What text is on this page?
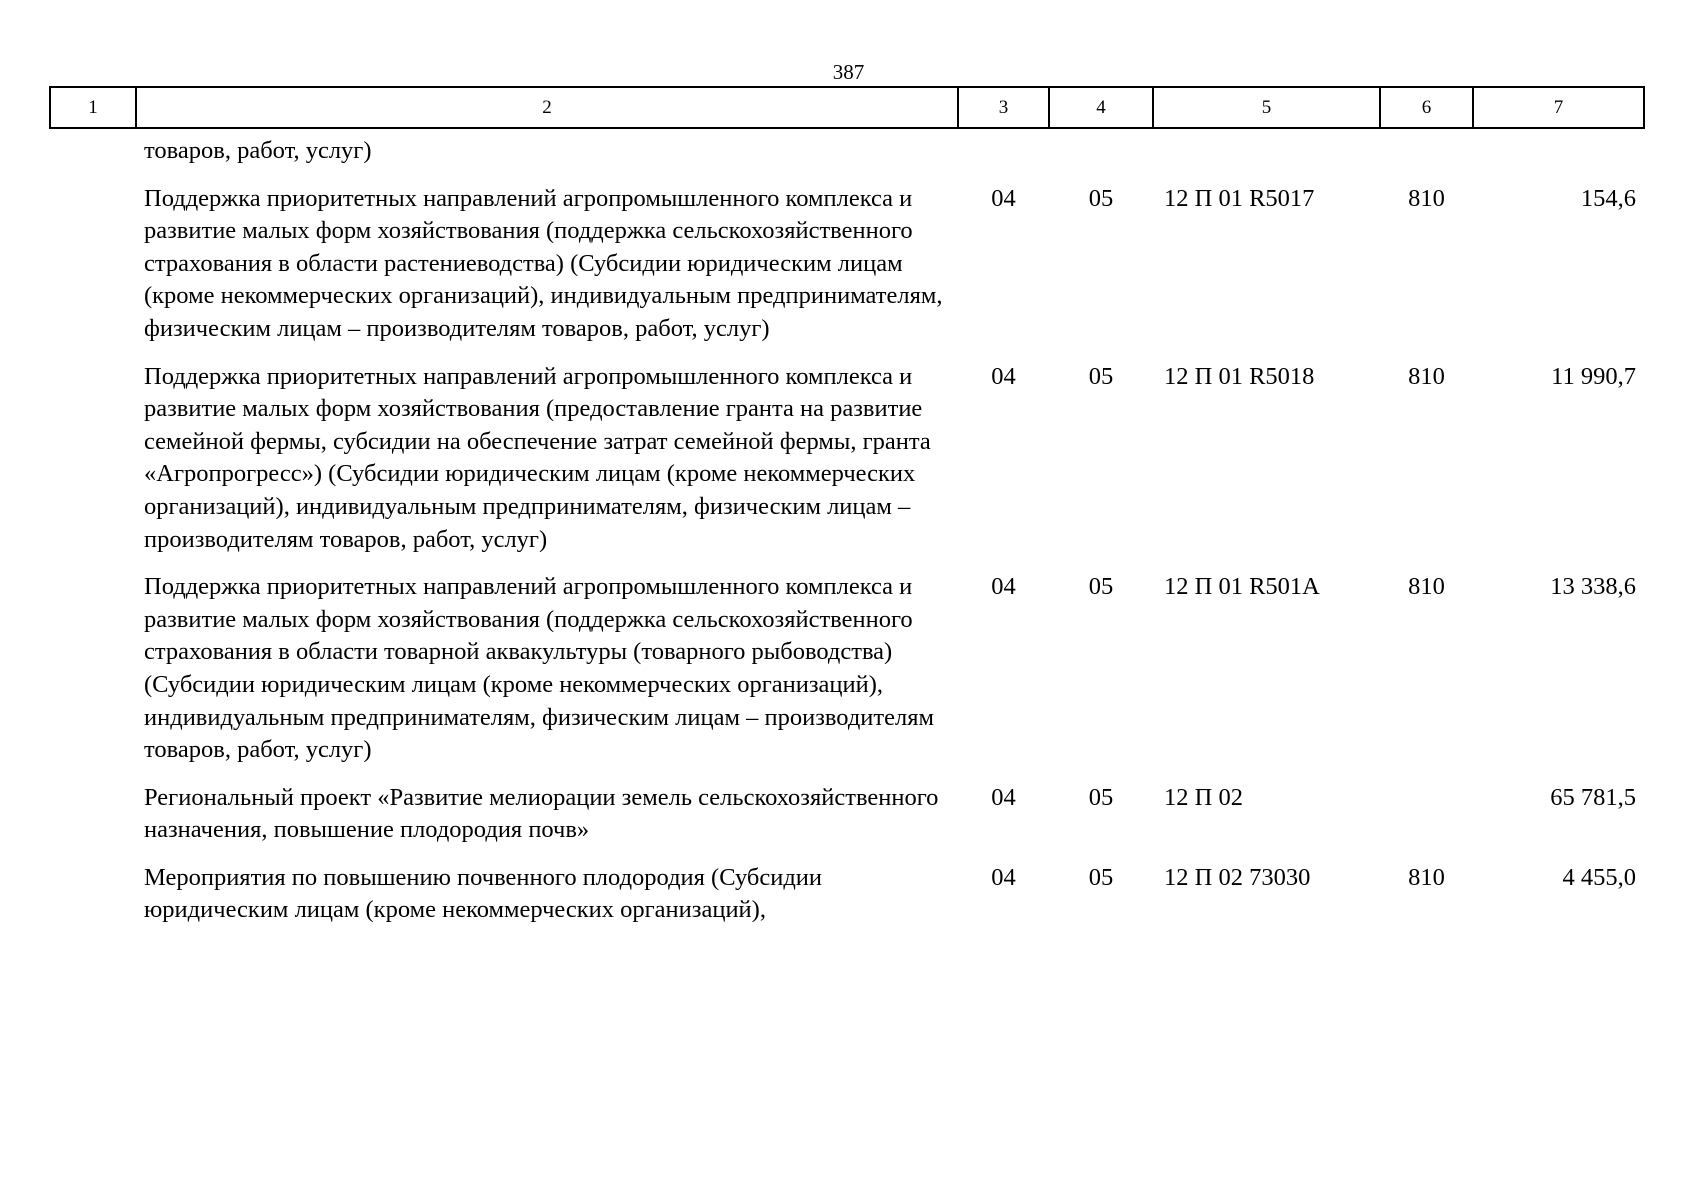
387
1	2	3	4	5	6	7
товаров, работ, услуг)						
Поддержка приоритетных направлений агропромышленного комплекса и развитие малых форм хозяйствования (поддержка сельскохозяйственного страхования в области растениеводства) (Субсидии юридическим лицам (кроме некоммерческих организаций), индивидуальным предпринимателям, физическим лицам – производителям товаров, работ, услуг)		04	05	12 П 01 R5017	810	154,6
Поддержка приоритетных направлений агропромышленного комплекса и развитие малых форм хозяйствования (предоставление гранта на развитие семейной фермы, субсидии на обеспечение затрат семейной фермы, гранта «Агропрогресс») (Субсидии юридическим лицам (кроме некоммерческих организаций), индивидуальным предпринимателям, физическим лицам – производителям товаров, работ, услуг)		04	05	12 П 01 R5018	810	11 990,7
Поддержка приоритетных направлений агропромышленного комплекса и развитие малых форм хозяйствования (поддержка сельскохозяйственного страхования в области товарной аквакультуры (товарного рыбоводства) (Субсидии юридическим лицам (кроме некоммерческих организаций), индивидуальным предпринимателям, физическим лицам – производителям товаров, работ, услуг)		04	05	12 П 01 R501А	810	13 338,6
Региональный проект «Развитие мелиорации земель сельскохозяйственного назначения, повышение плодородия почв»		04	05	12 П 02		65 781,5
Мероприятия по повышению почвенного плодородия (Субсидии юридическим лицам (кроме некоммерческих организаций),		04	05	12 П 02 73030	810	4 455,0
